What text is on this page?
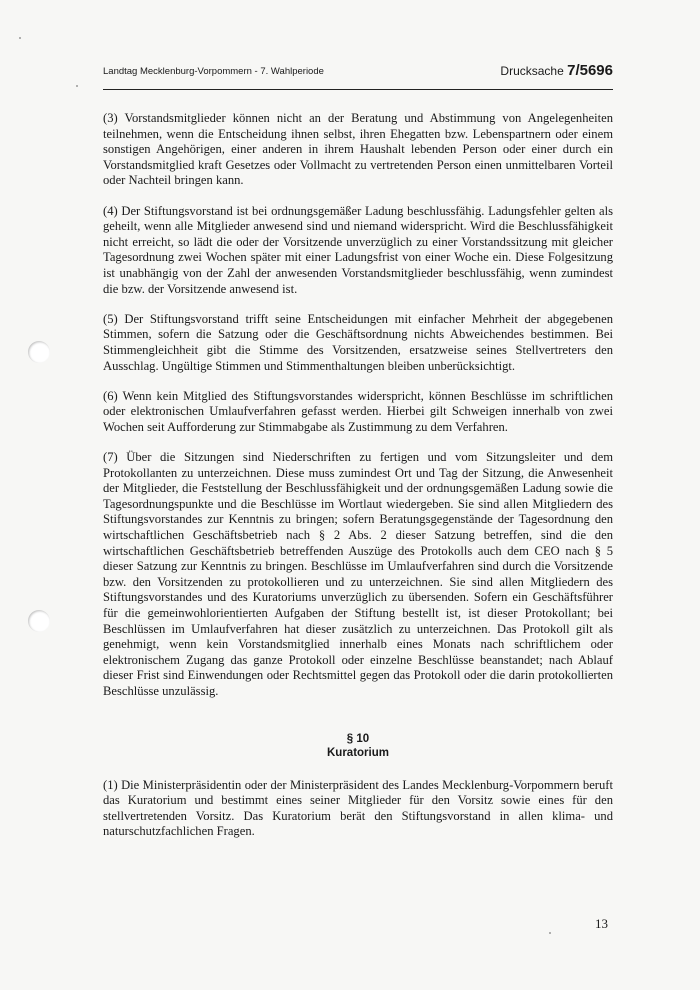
Landtag Mecklenburg-Vorpommern - 7. Wahlperiode	Drucksache 7/5696

(3) Vorstandsmitglieder können nicht an der Beratung und Abstimmung von Angelegenheiten teilnehmen, wenn die Entscheidung ihnen selbst, ihren Ehegatten bzw. Lebenspartnern oder einem sonstigen Angehörigen, einer anderen in ihrem Haushalt lebenden Person oder einer durch ein Vorstandsmitglied kraft Gesetzes oder Vollmacht zu vertretenden Person einen unmittelbaren Vorteil oder Nachteil bringen kann.

(4) Der Stiftungsvorstand ist bei ordnungsgemäßer Ladung beschlussfähig. Ladungsfehler gelten als geheilt, wenn alle Mitglieder anwesend sind und niemand widerspricht. Wird die Beschlussfähigkeit nicht erreicht, so lädt die oder der Vorsitzende unverzüglich zu einer Vorstandssitzung mit gleicher Tagesordnung zwei Wochen später mit einer Ladungsfrist von einer Woche ein. Diese Folgesitzung ist unabhängig von der Zahl der anwesenden Vorstandsmitglieder beschlussfähig, wenn zumindest die bzw. der Vorsitzende anwesend ist.

(5) Der Stiftungsvorstand trifft seine Entscheidungen mit einfacher Mehrheit der abgegebenen Stimmen, sofern die Satzung oder die Geschäftsordnung nichts Abweichendes bestimmen. Bei Stimmengleichheit gibt die Stimme des Vorsitzenden, ersatzweise seines Stellvertreters den Ausschlag. Ungültige Stimmen und Stimmenthaltungen bleiben unberücksichtigt.

(6) Wenn kein Mitglied des Stiftungsvorstandes widerspricht, können Beschlüsse im schriftlichen oder elektronischen Umlaufverfahren gefasst werden. Hierbei gilt Schweigen innerhalb von zwei Wochen seit Aufforderung zur Stimmabgabe als Zustimmung zu dem Verfahren.

(7) Über die Sitzungen sind Niederschriften zu fertigen und vom Sitzungsleiter und dem Protokollanten zu unterzeichnen. Diese muss zumindest Ort und Tag der Sitzung, die Anwesenheit der Mitglieder, die Feststellung der Beschlussfähigkeit und der ordnungsgemäßen Ladung sowie die Tagesordnungspunkte und die Beschlüsse im Wortlaut wiedergeben. Sie sind allen Mitgliedern des Stiftungsvorstandes zur Kenntnis zu bringen; sofern Beratungsgegenstände der Tagesordnung den wirtschaftlichen Geschäftsbetrieb nach § 2 Abs. 2 dieser Satzung betreffen, sind die den wirtschaftlichen Geschäftsbetrieb betreffenden Auszüge des Protokolls auch dem CEO nach § 5 dieser Satzung zur Kenntnis zu bringen. Beschlüsse im Umlaufverfahren sind durch die Vorsitzende bzw. den Vorsitzenden zu protokollieren und zu unterzeichnen. Sie sind allen Mitgliedern des Stiftungsvorstandes und des Kuratoriums unverzüglich zu übersenden. Sofern ein Geschäftsführer für die gemeinwohlorientierten Aufgaben der Stiftung bestellt ist, ist dieser Protokollant; bei Beschlüssen im Umlaufverfahren hat dieser zusätzlich zu unterzeichnen. Das Protokoll gilt als genehmigt, wenn kein Vorstandsmitglied innerhalb eines Monats nach schriftlichem oder elektronischem Zugang das ganze Protokoll oder einzelne Beschlüsse beanstandet; nach Ablauf dieser Frist sind Einwendungen oder Rechtsmittel gegen das Protokoll oder die darin protokollierten Beschlüsse unzulässig.

§ 10
Kuratorium

(1) Die Ministerpräsidentin oder der Ministerpräsident des Landes Mecklenburg-Vorpommern beruft das Kuratorium und bestimmt eines seiner Mitglieder für den Vorsitz sowie eines für den stellvertretenden Vorsitz. Das Kuratorium berät den Stiftungsvorstand in allen klima- und naturschutzfachlichen Fragen.

13
